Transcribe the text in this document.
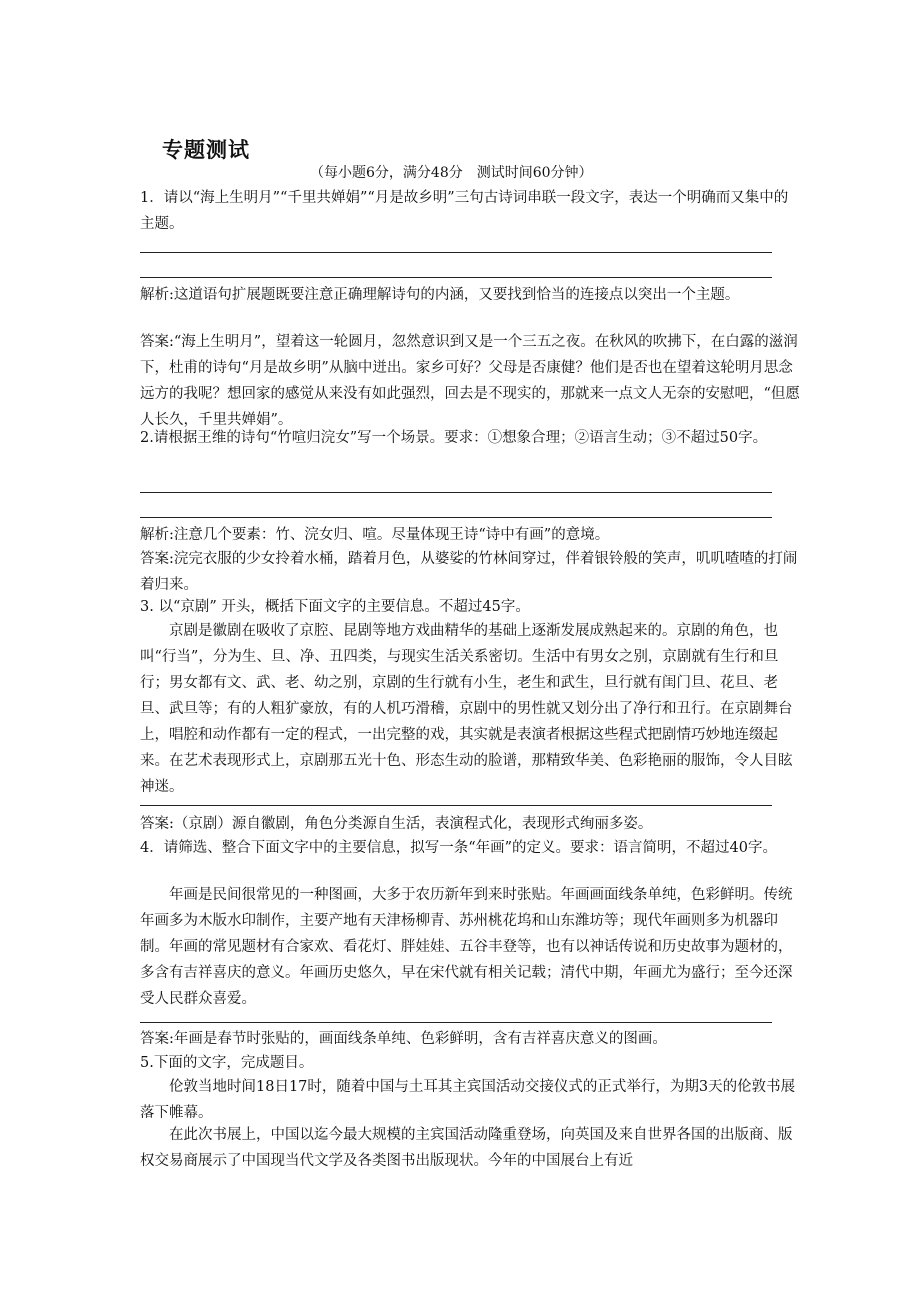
专题测试
（每小题6分，满分48分　测试时间60分钟）
1．请以“海上生明月”“千里共婵娟”“月是故乡明”三句古诗词串联一段文字，表达一个明确而又集中的主题。
解析:这道语句扩展题既要注意正确理解诗句的内涵，又要找到恰当的连接点以突出一个主题。
答案:“海上生明月”，望着这一轮圆月，忽然意识到又是一个三五之夜。在秋风的吹拂下，在白露的滋润下，杜甫的诗句“月是故乡明”从脑中迸出。家乡可好？父母是否康健？他们是否也在望着这轮明月思念远方的我呢？想回家的感觉从来没有如此强烈，回去是不现实的，那就来一点文人无奈的安慰吧，“但愿人长久，千里共婵娟”。
2.请根据王维的诗句“竹喧归浣女”写一个场景。要求：①想象合理；②语言生动；③不超过50字。
解析:注意几个要素：竹、浣女归、喧。尽量体现王诗“诗中有画”的意境。
答案:浣完衣服的少女拎着水桶，踏着月色，从婆娑的竹林间穿过，伴着银铃般的笑声，叽叽喳喳的打闹着归来。
3. 以“京剧” 开头，概括下面文字的主要信息。不超过45字。
京剧是徽剧在吸收了京腔、昆剧等地方戏曲精华的基础上逐渐发展成熟起来的。京剧的角色，也叫“行当”，分为生、旦、净、丑四类，与现实生活关系密切。生活中有男女之别，京剧就有生行和旦行；男女都有文、武、老、幼之别，京剧的生行就有小生，老生和武生，旦行就有闺门旦、花旦、老旦、武旦等；有的人粗犷豪放，有的人机巧滑稽，京剧中的男性就又划分出了净行和丑行。在京剧舞台上，唱腔和动作都有一定的程式，一出完整的戏，其实就是表演者根据这些程式把剧情巧妙地连缀起来。在艺术表现形式上，京剧那五光十色、形态生动的脸谱，那精致华美、色彩艳丽的服饰，令人目眩神迷。
答案:（京剧）源自徽剧，角色分类源自生活，表演程式化，表现形式绚丽多姿。
4．请筛选、整合下面文字中的主要信息，拟写一条“年画”的定义。要求：语言简明，不超过40字。
年画是民间很常见的一种图画，大多于农历新年到来时张贴。年画画面线条单纯，色彩鲜明。传统年画多为木版水印制作，主要产地有天津杨柳青、苏州桃花坞和山东潍坊等；现代年画则多为机器印制。年画的常见题材有合家欢、看花灯、胖娃娃、五谷丰登等，也有以神话传说和历史故事为题材的，多含有吉祥喜庆的意义。年画历史悠久，早在宋代就有相关记载；清代中期，年画尤为盛行；至今还深受人民群众喜爱。
答案:年画是春节时张贴的，画面线条单纯、色彩鲜明，含有吉祥喜庆意义的图画。
5.下面的文字，完成题目。
伦敦当地时间18日17时，随着中国与土耳其主宾国活动交接仪式的正式举行，为期3天的伦敦书展落下帷幕。
在此次书展上，中国以迄今最大规模的主宾国活动隆重登场，向英国及来自世界各国的出版商、版权交易商展示了中国现当代文学及各类图书出版现状。今年的中国展台上有近
